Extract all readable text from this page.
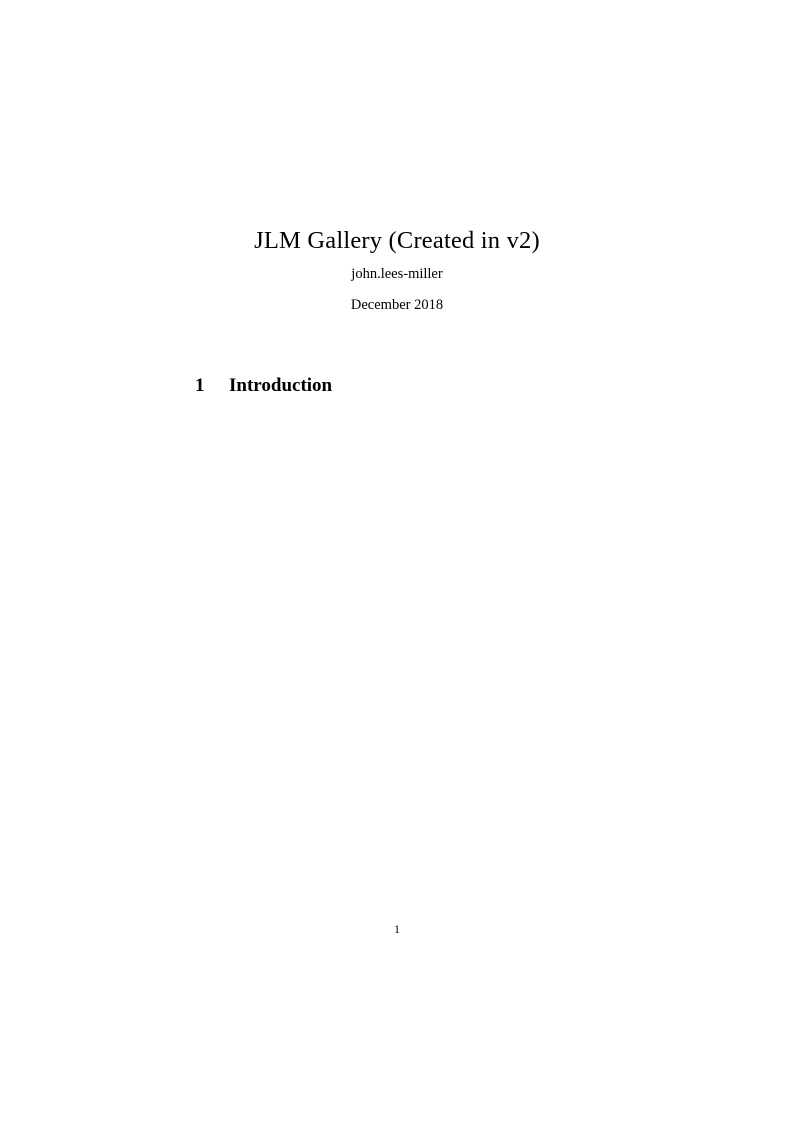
JLM Gallery (Created in v2)
john.lees-miller
December 2018

1 Introduction

1
